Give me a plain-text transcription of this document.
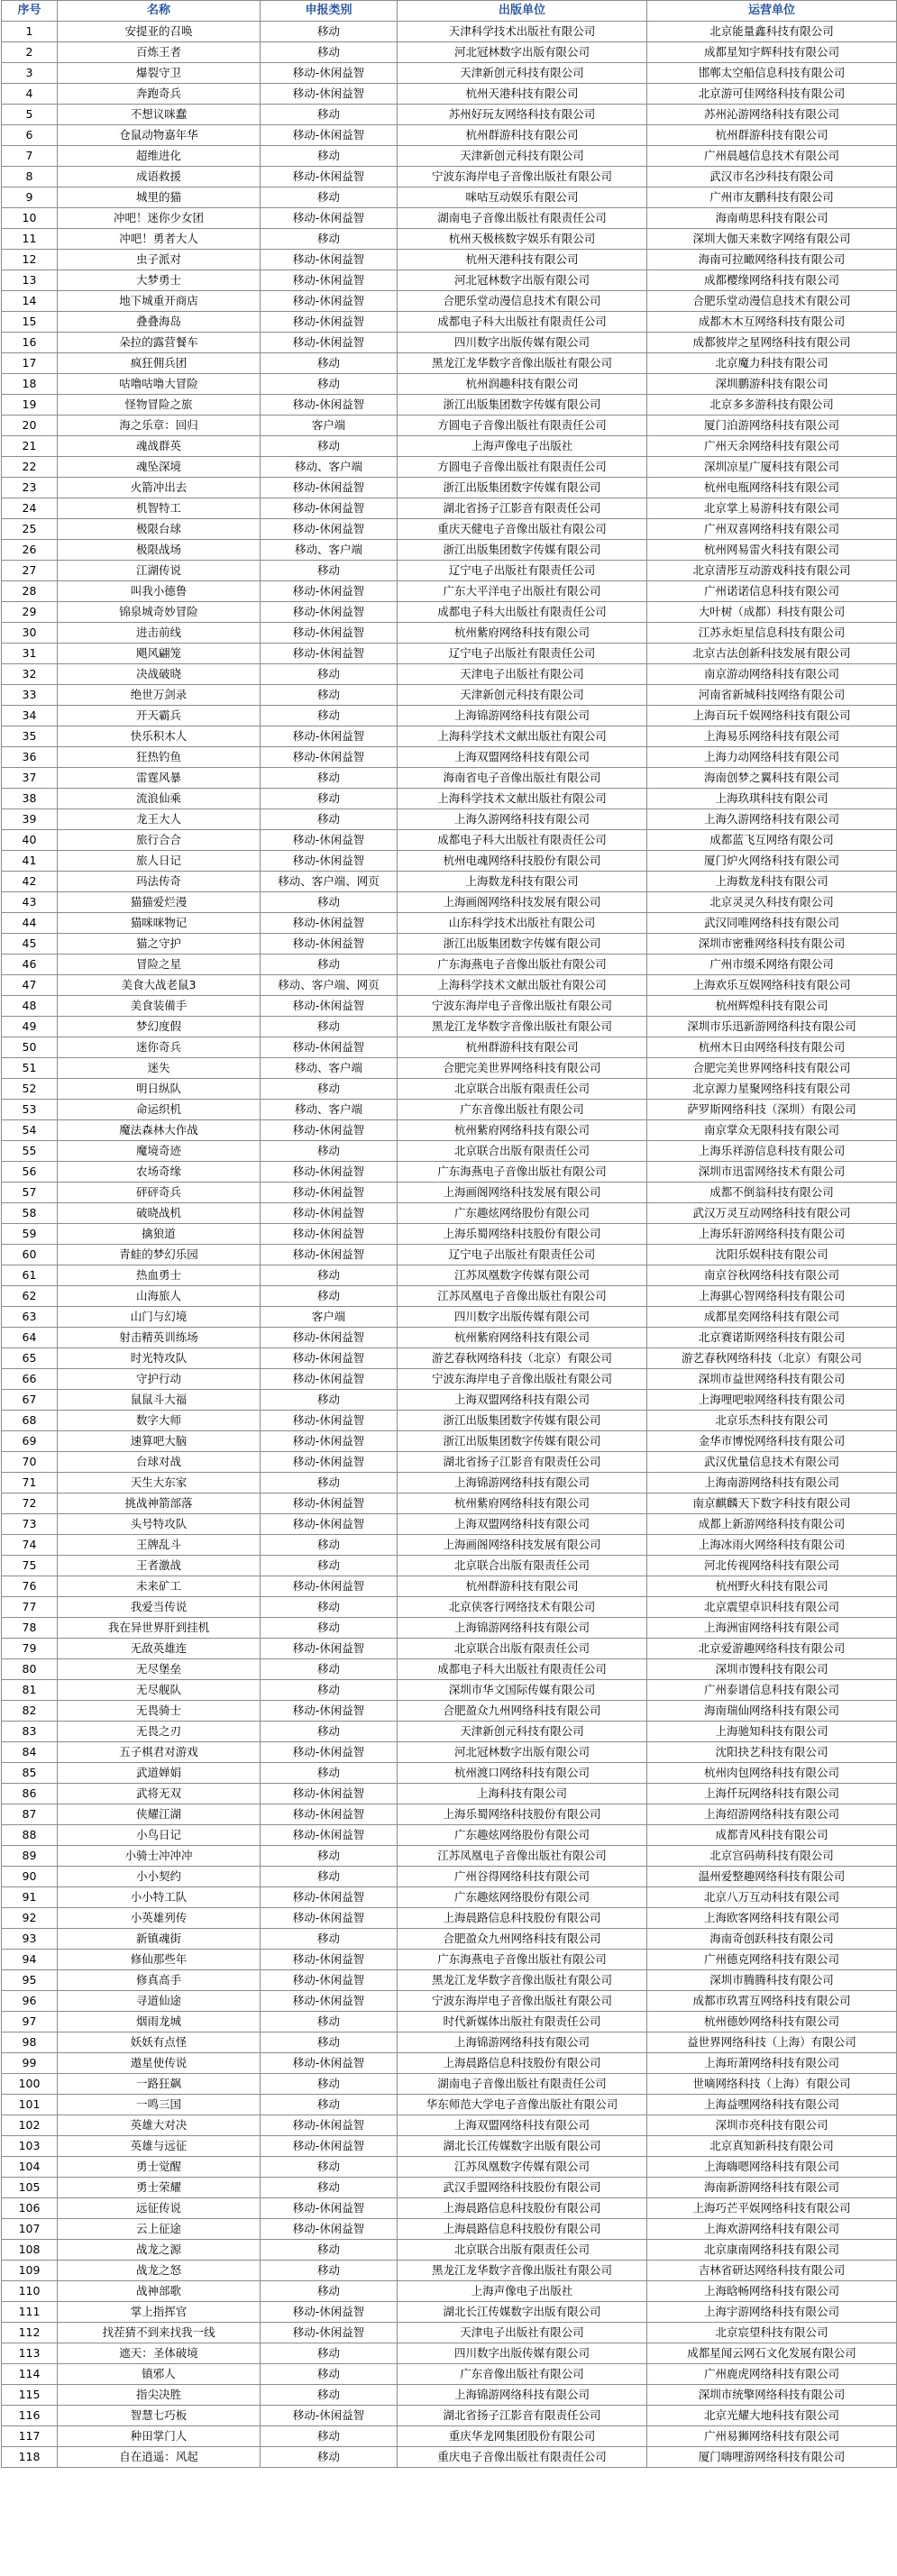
序号	名称	申报类别	出版单位	运营单位
1	安提亚的召唤	移动	天津科学技术出版社有限公司	北京能量鑫科技有限公司
2	百炼王者	移动	河北冠林数字出版有限公司	成都星知宇辉科技有限公司
3	爆裂守卫	移动-休闲益智	天津新创元科技有限公司	邯郸太空船信息科技有限公司
4	奔跑奇兵	移动-休闲益智	杭州天港科技有限公司	北京游可佳网络科技有限公司
5	不想议咪蠢	移动	苏州好玩友网络科技有限公司	苏州沁游网络科技有限公司
6	仓鼠动物嘉年华	移动-休闲益智	杭州群游科技有限公司	杭州群游科技有限公司
7	超维进化	移动	天津新创元科技有限公司	广州晨越信息技术有限公司
8	成语救援	移动-休闲益智	宁波东海岸电子音像出版社有限公司	武汉市名沙科技有限公司
9	城里的猫	移动	咪咕互动娱乐有限公司	广州市友鹏科技有限公司
10	冲吧！迷你少女团	移动-休闲益智	湖南电子音像出版社有限责任公司	海南萌思科技有限公司
11	冲吧！勇者大人	移动	杭州天极核数字娱乐有限公司	深圳大伽天来数字网络有限公司
12	虫子派对	移动-休闲益智	杭州天港科技有限公司	海南可拉瞰网络科技有限公司
13	大梦勇士	移动-休闲益智	河北冠林数字出版有限公司	成都樱缘网络科技有限公司
14	地下城重开商店	移动-休闲益智	合肥乐堂动漫信息技术有限公司	合肥乐堂动漫信息技术有限公司
15	叠叠海岛	移动-休闲益智	成都电子科大出版社有限责任公司	成都木木互网络科技有限公司
16	朵拉的露营餐车	移动-休闲益智	四川数字出版传媒有限公司	成都彼岸之星网络科技有限公司
17	疯狂佣兵团	移动	黑龙江龙华数字音像出版社有限公司	北京魔力科技有限公司
18	咕噜咕噜大冒险	移动	杭州润趣科技有限公司	深圳鹏游科技有限公司
19	怪物冒险之旅	移动-休闲益智	浙江出版集团数字传媒有限公司	北京多多游科技有限公司
20	海之乐章：回归	客户端	方圆电子音像出版社有限责任公司	厦门泊游网络科技有限公司
21	魂战群英	移动	上海声像电子出版社	广州天余网络科技有限公司
22	魂坠深境	移动、客户端	方圆电子音像出版社有限责任公司	深圳凉星广厦科技有限公司
23	火箭冲出去	移动-休闲益智	浙江出版集团数字传媒有限公司	杭州电瓶网络科技有限公司
24	机智特工	移动-休闲益智	湖北省扬子江影音有限责任公司	北京掌上易游科技有限公司
25	极限台球	移动-休闲益智	重庆天健电子音像出版社有限公司	广州双喜网络科技有限公司
26	极限战场	移动、客户端	浙江出版集团数字传媒有限公司	杭州网易雷火科技有限公司
27	江湖传说	移动	辽宁电子出版社有限责任公司	北京清彤互动游戏科技有限公司
28	叫我小德鲁	移动-休闲益智	广东大平洋电子出版社有限公司	广州诺诺信息科技有限公司
29	锦泉城奇妙冒险	移动-休闲益智	成都电子科大出版社有限责任公司	大叶树（成都）科技有限公司
30	进击前线	移动-休闲益智	杭州紫府网络科技有限公司	江苏永炬星信息科技有限公司
31	飓风翩笼	移动-休闲益智	辽宁电子出版社有限责任公司	北京古法创新科技发展有限公司
32	决战破晓	移动	天津电子出版社有限公司	南京游动网络科技有限公司
33	绝世万剑录	移动	天津新创元科技有限公司	河南省新城科技网络有限公司
34	开天霸兵	移动	上海锦游网络科技有限公司	上海百玩千娱网络科技有限公司
35	快乐积木人	移动-休闲益智	上海科学技术文献出版社有限公司	上海易乐网络科技有限公司
36	狂热钓鱼	移动-休闲益智	上海双盟网络科技有限公司	上海力动网络科技有限公司
37	雷霆风暴	移动	海南省电子音像出版社有限公司	海南创梦之翼科技有限公司
38	流浪仙乘	移动	上海科学技术文献出版社有限公司	上海玖琪科技有限公司
39	龙王大人	移动	上海久游网络科技有限公司	上海久游网络科技有限公司
40	旅行合合	移动-休闲益智	成都电子科大出版社有限责任公司	成都蓝飞互网络有限公司
41	旅人日记	移动-休闲益智	杭州电魂网络科技股份有限公司	厦门炉火网络科技有限公司
42	玛法传奇	移动、客户端、网页	上海数龙科技有限公司	上海数龙科技有限公司
43	猫猫爱烂漫	移动	上海画阁网络科技发展有限公司	北京灵灵久科技有限公司
44	猫咪咪物记	移动-休闲益智	山东科学技术出版社有限公司	武汉同唯网络科技有限公司
45	猫之守护	移动-休闲益智	浙江出版集团数字传媒有限公司	深圳市密雅网络科技有限公司
46	冒险之星	移动	广东海燕电子音像出版社有限公司	广州市缀禾网络有限公司
47	美食大战老鼠3	移动、客户端、网页	上海科学技术文献出版社有限公司	上海欢乐互娱网络科技有限公司
48	美食装備手	移动-休闲益智	宁波东海岸电子音像出版社有限公司	杭州辉煌科技有限公司
49	梦幻度假	移动	黑龙江龙华数字音像出版社有限公司	深圳市乐迅新游网络科技有限公司
50	迷你奇兵	移动-休闲益智	杭州群游科技有限公司	杭州木日由网络科技有限公司
51	迷失	移动、客户端	合肥完美世界网络科技有限公司	合肥完美世界网络科技有限公司
52	明日纵队	移动	北京联合出版有限责任公司	北京源力星聚网络科技有限公司
53	命运织机	移动、客户端	广东音像出版社有限公司	萨罗斯网络科技（深圳）有限公司
54	魔法森林大作战	移动-休闲益智	杭州紫府网络科技有限公司	南京掌众无限科技有限公司
55	魔境奇迹	移动	北京联合出版有限责任公司	上海乐祥游信息科技有限公司
56	农场奇缘	移动-休闲益智	广东海燕电子音像出版社有限公司	深圳市迅雷网络技术有限公司
57	砰砰奇兵	移动-休闲益智	上海画阁网络科技发展有限公司	成都不倒翁科技有限公司
58	破晓战机	移动-休闲益智	广东趣炫网络股份有限公司	武汉万灵互动网络科技有限公司
59	擒狼道	移动-休闲益智	上海乐蜀网络科技股份有限公司	上海乐轩游网络科技有限公司
60	青蛙的梦幻乐园	移动-休闲益智	辽宁电子出版社有限责任公司	沈阳乐娱科技有限公司
61	热血勇士	移动	江苏凤凰数字传媒有限公司	南京谷秋网络科技有限公司
62	山海旅人	移动	江苏凤凰电子音像出版社有限公司	上海骐心智网络科技有限公司
63	山门与幻境	客户端	四川数字出版传媒有限公司	成都星奕网络科技有限公司
64	射击精英训练场	移动-休闲益智	杭州紫府网络科技有限公司	北京赛诺斯网络科技有限公司
65	时光特攻队	移动-休闲益智	游艺春秋网络科技（北京）有限公司	游艺春秋网络科技（北京）有限公司
66	守护行动	移动-休闲益智	宁波东海岸电子音像出版社有限公司	深圳市益世网络科技有限公司
67	鼠鼠斗大福	移动	上海双盟网络科技有限公司	上海哩吧啦网络科技有限公司
68	数字大师	移动-休闲益智	浙江出版集团数字传媒有限公司	北京乐杰科技有限公司
69	速算吧大脑	移动-休闲益智	浙江出版集团数字传媒有限公司	金华市博悦网络科技有限公司
70	台球对战	移动-休闲益智	湖北省扬子江影音有限责任公司	武汉优量信息技术有限公司
71	天生大东家	移动	上海锦游网络科技有限公司	上海南游网络科技有限公司
72	挑战神箭部落	移动-休闲益智	杭州紫府网络科技有限公司	南京麒麟天下数字科技有限公司
73	头号特攻队	移动-休闲益智	上海双盟网络科技有限公司	成都上新游网络科技有限公司
74	王牌乱斗	移动	上海画阁网络科技发展有限公司	上海冰雨火网络科技有限公司
75	王者激战	移动	北京联合出版有限责任公司	河北传视网络科技有限公司
76	未来矿工	移动-休闲益智	杭州群游科技有限公司	杭州野火科技有限公司
77	我爱当传说	移动	北京侠客行网络技术有限公司	北京震望卓识科技有限公司
78	我在异世界肝到挂机	移动	上海锦游网络科技有限公司	上海洲宙网络科技有限公司
79	无敌英雄连	移动-休闲益智	北京联合出版有限责任公司	北京爱游趣网络科技有限公司
80	无尽堡垒	移动	成都电子科大出版社有限责任公司	深圳市馒科技有限公司
81	无尽舰队	移动	深圳市华文国际传媒有限公司	广州泰谱信息科技有限公司
82	无畏骑士	移动-休闲益智	合肥盈众九州网络科技有限公司	海南瑞仙网络科技有限公司
83	无畏之刃	移动	天津新创元科技有限公司	上海驰知科技有限公司
84	五子棋君对游戏	移动-休闲益智	河北冠林数字出版有限公司	沈阳抉艺科技有限公司
85	武道婵娟	移动	杭州渡口网络科技有限公司	杭州肉包网络科技有限公司
86	武将无双	移动-休闲益智	上海科技有限公司	上海仟玩网络科技有限公司
87	侠耀江湖	移动-休闲益智	上海乐蜀网络科技股份有限公司	上海绍游网络科技有限公司
88	小鸟日记	移动-休闲益智	广东趣炫网络股份有限公司	成都青风科技有限公司
89	小骑士冲冲冲	移动	江苏凤凰电子音像出版社有限公司	北京宫码萌科技有限公司
90	小小契约	移动	广州谷得网络科技有限公司	温州爱整趣网络科技有限公司
91	小小特工队	移动-休闲益智	广东趣炫网络股份有限公司	北京八万互动科技有限公司
92	小英雄列传	移动-休闲益智	上海晨路信息科技股份有限公司	上海欧客网络科技有限公司
93	新镇魂街	移动	合肥盈众九州网络科技有限公司	海南奇创跃科技有限公司
94	修仙那些年	移动-休闲益智	广东海燕电子音像出版社有限公司	广州德克网络科技有限公司
95	修真高手	移动-休闲益智	黑龙江龙华数字音像出版社有限公司	深圳市腾腾科技有限公司
96	寻道仙途	移动-休闲益智	宁波东海岸电子音像出版社有限公司	成都市玖霄互网络科技有限公司
97	烟雨龙城	移动	时代新媒体出版社有限责任公司	杭州德妙网络科技有限公司
98	妖妖有点怪	移动	上海锦游网络科技有限公司	益世界网络科技（上海）有限公司
99	遨星使传说	移动-休闲益智	上海晨路信息科技股份有限公司	上海珩萧网络科技有限公司
100	一路狂飙	移动	湖南电子音像出版社有限责任公司	世嘀网络科技（上海）有限公司
101	一鸣三国	移动	华东师范大学电子音像出版社有限公司	上海益嘿网络科技有限公司
102	英雄大对决	移动-休闲益智	上海双盟网络科技有限公司	深圳市亮科技有限公司
103	英雄与远征	移动-休闲益智	湖北长江传媒数字出版有限公司	北京真知新科技有限公司
104	勇士觉醒	移动	江苏凤凰数字传媒有限公司	上海嗨嗯网络科技有限公司
105	勇士荣耀	移动	武汉手盟网络科技股份有限公司	海南新游网络科技有限公司
106	远征传说	移动-休闲益智	上海晨路信息科技股份有限公司	上海巧芒平娱网络科技有限公司
107	云上征途	移动-休闲益智	上海晨路信息科技股份有限公司	上海欢游网络科技有限公司
108	战龙之源	移动	北京联合出版有限责任公司	北京康南网络科技有限公司
109	战龙之怒	移动	黑龙江龙华数字音像出版社有限公司	吉林省研达网络科技有限公司
110	战神部歌	移动	上海声像电子出版社	上海晗畅网络科技有限公司
111	掌上指挥官	移动-休闲益智	湖北长江传媒数字出版有限公司	上海宇游网络科技有限公司
112	找茬猜不到来找我一线	移动-休闲益智	天津电子出版社有限公司	北京宸望科技有限公司
113	遮天：圣体破境	移动	四川数字出版传媒有限公司	成都星闻云网石文化发展有限公司
114	镇邪人	移动	广东音像出版社有限公司	广州鹿虎网络科技有限公司
115	指尖决胜	移动	上海锦游网络科技有限公司	深圳市统擎网络科技有限公司
116	智慧七巧板	移动-休闲益智	湖北省扬子江影音有限责任公司	北京光耀大地科技有限公司
117	种田掌门人	移动	重庆华龙网集团股份有限公司	广州易狮网络科技有限公司
118	自在逍遥：风起	移动	重庆电子音像出版社有限责任公司	厦门嗨哩游网络科技有限公司
